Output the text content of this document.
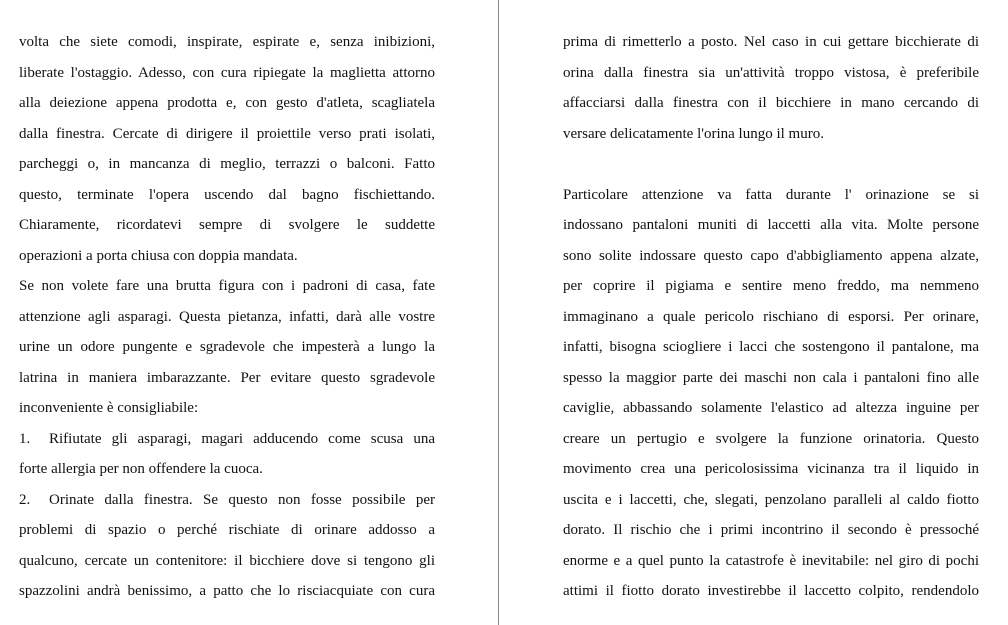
volta che siete comodi, inspirate, espirate e, senza inibizioni,
liberate l'ostaggio. Adesso, con cura ripiegate la maglietta attorno
alla deiezione appena prodotta e, con gesto d'atleta, scagliatela
dalla finestra. Cercate di dirigere il proiettile verso prati isolati,
parcheggi o, in mancanza di meglio, terrazzi o balconi. Fatto
questo, terminate l'opera uscendo dal bagno fischiettando.
Chiaramente, ricordatevi sempre di svolgere le suddette
operazioni a porta chiusa con doppia mandata.
Se non volete fare una brutta figura con i padroni di casa, fate
attenzione agli asparagi. Questa pietanza, infatti, darà alle vostre
urine un odore pungente e sgradevole che impesterà a lungo la
latrina in maniera imbarazzante. Per evitare questo sgradevole
inconveniente è consigliabile:
1.	Rifiutate gli asparagi, magari adducendo come scusa una
forte allergia per non offendere la cuoca.
2.	Orinate dalla finestra. Se questo non fosse possibile per
problemi di spazio o perché rischiate di orinare addosso a
qualcuno, cercate un contenitore: il bicchiere dove si tengono gli
spazzolini andrà benissimo, a patto che lo risciacquiate con cura
prima di rimetterlo a posto. Nel caso in cui gettare bicchierate di
orina dalla finestra sia un'attività troppo vistosa, è preferibile
affacciarsi dalla finestra con il bicchiere in mano cercando di
versare delicatamente l'orina lungo il muro.
Particolare attenzione va fatta durante l' orinazione se si
indossano pantaloni muniti di laccetti alla vita. Molte persone
sono solite indossare questo capo d'abbigliamento appena alzate,
per coprire il pigiama e sentire meno freddo, ma nemmeno
immaginano a quale pericolo rischiano di esporsi. Per orinare,
infatti, bisogna sciogliere i lacci che sostengono il pantalone, ma
spesso la maggior parte dei maschi non cala i pantaloni fino alle
caviglie, abbassando solamente l'elastico ad altezza inguine per
creare un pertugio e svolgere la funzione orinatoria. Questo
movimento crea una pericolosissima vicinanza tra il liquido in
uscita e i laccetti, che, slegati, penzolano paralleli al caldo fiotto
dorato. Il rischio che i primi incontrino il secondo è pressoché
enorme e a quel punto la catastrofe è inevitabile: nel giro di pochi
attimi il fiotto dorato investirebbe il laccetto colpito, rendendolo
